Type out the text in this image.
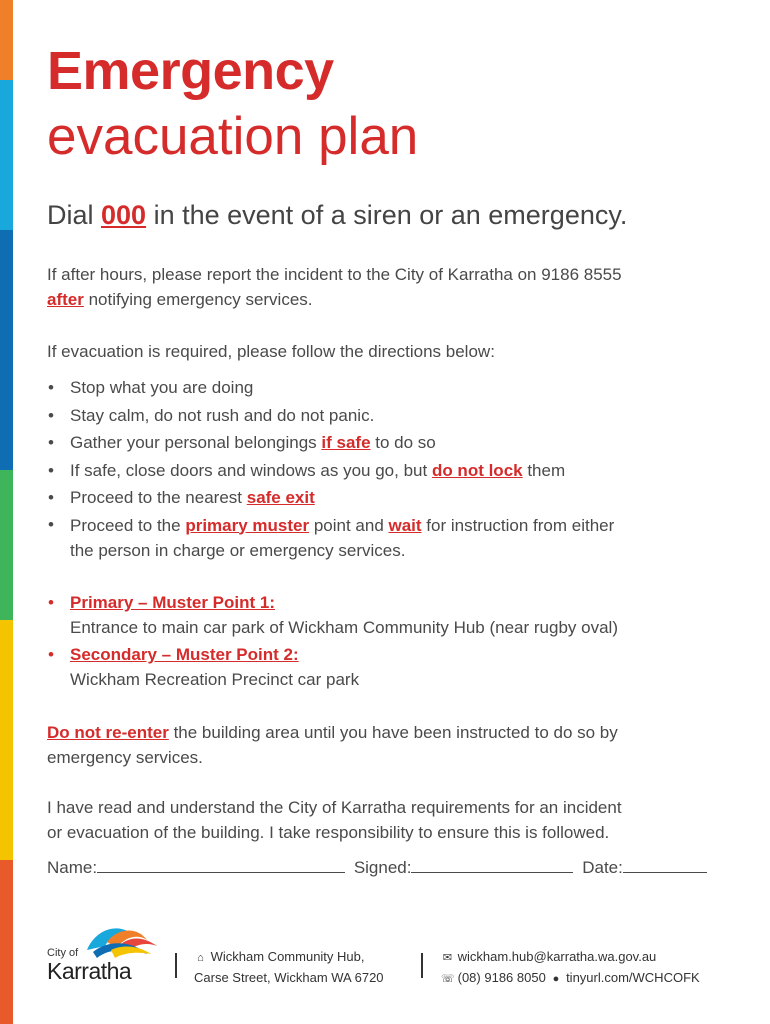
Emergency
evacuation plan
Dial 000 in the event of a siren or an emergency.
If after hours, please report the incident to the City of Karratha on 9186 8555
after notifying emergency services.
If evacuation is required, please follow the directions below:
• Stop what you are doing
• Stay calm, do not rush and do not panic.
• Gather your personal belongings if safe to do so
• If safe, close doors and windows as you go, but do not lock them
• Proceed to the nearest safe exit
• Proceed to the primary muster point and wait for instruction from either
the person in charge or emergency services.
• Primary – Muster Point 1:
Entrance to main car park of Wickham Community Hub (near rugby oval)
• Secondary – Muster Point 2:
Wickham Recreation Precinct car park
Do not re-enter the building area until you have been instructed to do so by
emergency services.
I have read and understand the City of Karratha requirements for an incident
or evacuation of the building. I take responsibility to ensure this is followed.
Name:	Signed:	Date:
City of
Karratha	⌂ Wickham Community Hub,
Carse Street, Wickham WA 6720
✉ wickham.hub@karratha.wa.gov.au
☏ (08) 9186 8050 ● tinyurl.com/WCHCOFK
